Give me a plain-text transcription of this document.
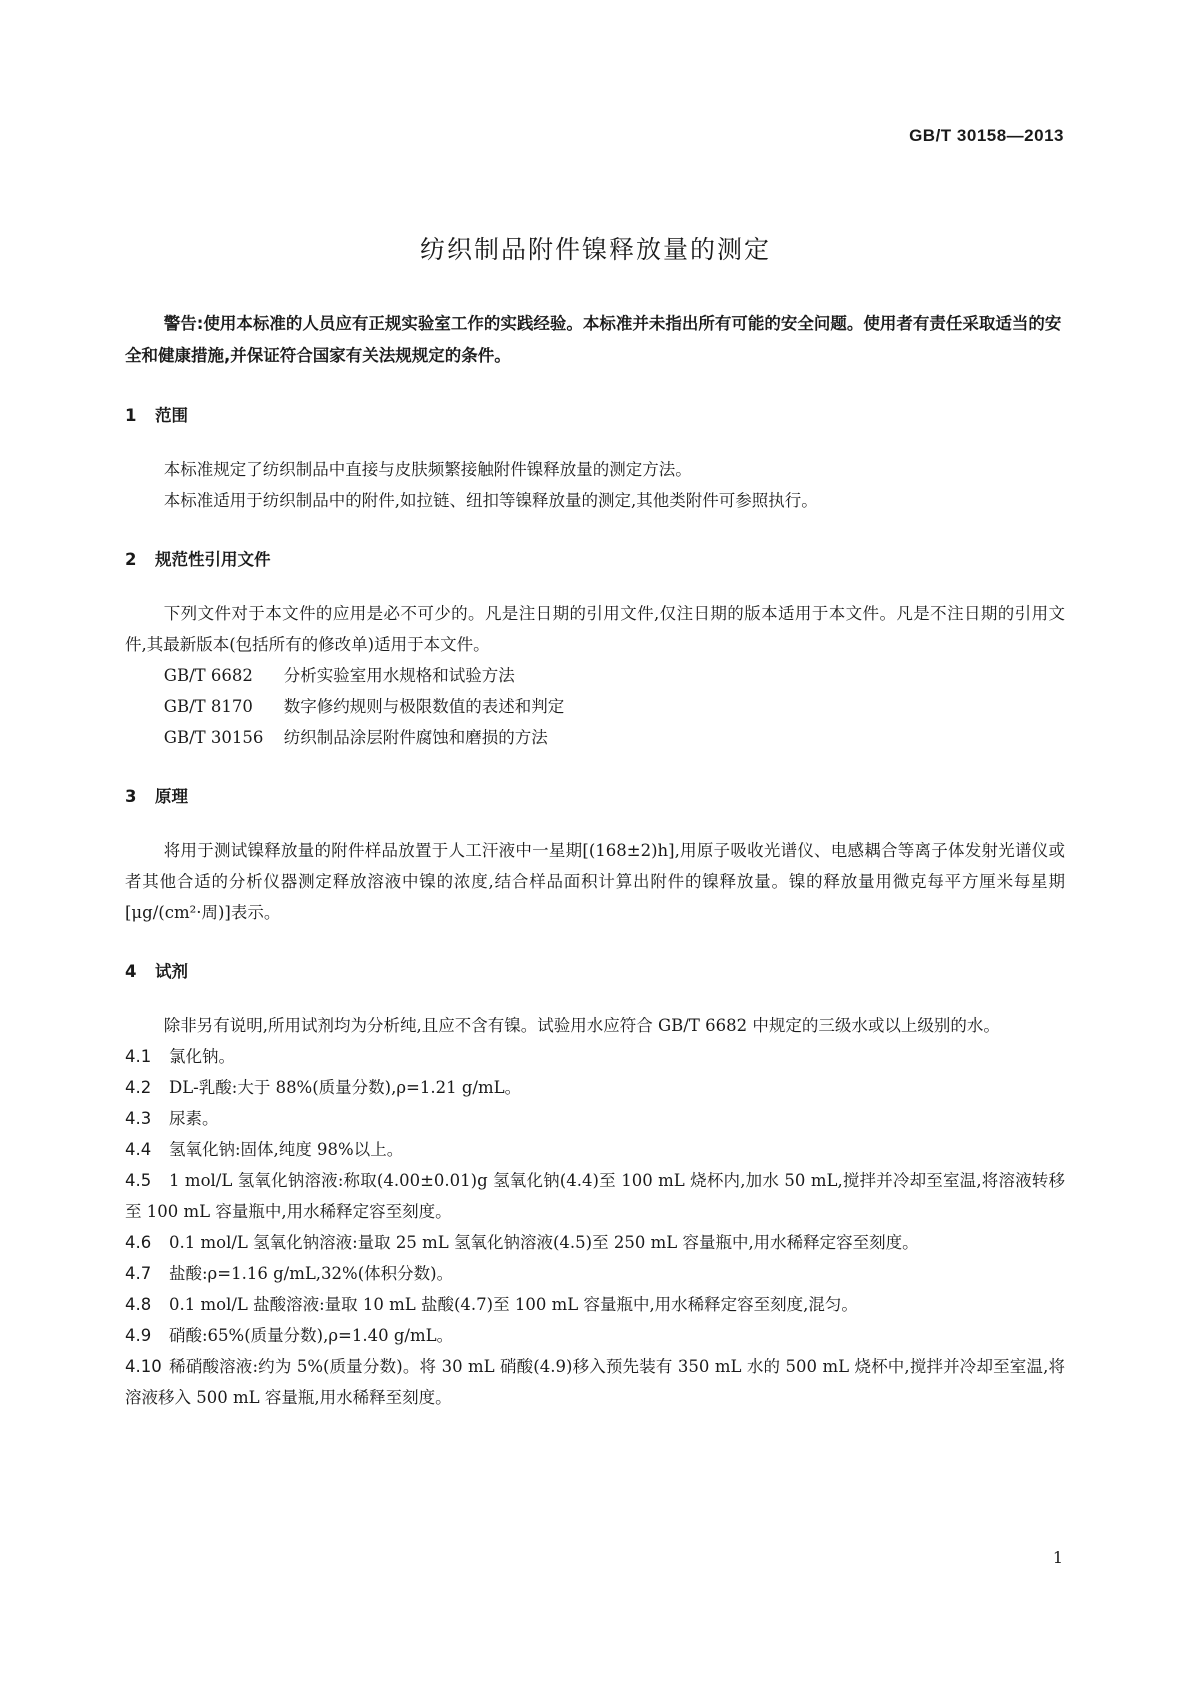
GB/T 30158—2013
纺织制品附件镍释放量的测定

警告:使用本标准的人员应有正规实验室工作的实践经验。本标准并未指出所有可能的安全问题。使用者有责任采取适当的安全和健康措施,并保证符合国家有关法规规定的条件。

1 范围

本标准规定了纺织制品中直接与皮肤频繁接触附件镍释放量的测定方法。

本标准适用于纺织制品中的附件,如拉链、纽扣等镍释放量的测定,其他类附件可参照执行。

2 规范性引用文件

下列文件对于本文件的应用是必不可少的。凡是注日期的引用文件,仅注日期的版本适用于本文件。凡是不注日期的引用文件,其最新版本(包括所有的修改单)适用于本文件。

GB/T 6682 分析实验室用水规格和试验方法

GB/T 8170 数字修约规则与极限数值的表述和判定

GB/T 30156 纺织制品涂层附件腐蚀和磨损的方法

3 原理

将用于测试镍释放量的附件样品放置于人工汗液中一星期[(168±2)h],用原子吸收光谱仪、电感耦合等离子体发射光谱仪或者其他合适的分析仪器测定释放溶液中镍的浓度,结合样品面积计算出附件的镍释放量。镍的释放量用微克每平方厘米每星期[μg/(cm²·周)]表示。

4 试剂

除非另有说明,所用试剂均为分析纯,且应不含有镍。试验用水应符合 GB/T 6682 中规定的三级水或以上级别的水。

4.1 氯化钠。

4.2 DL-乳酸:大于 88%(质量分数),ρ=1.21 g/mL。

4.3 尿素。

4.4 氢氧化钠:固体,纯度 98%以上。

4.5 1 mol/L 氢氧化钠溶液:称取(4.00±0.01)g 氢氧化钠(4.4)至 100 mL 烧杯内,加水 50 mL,搅拌并冷却至室温,将溶液转移至 100 mL 容量瓶中,用水稀释定容至刻度。

4.6 0.1 mol/L 氢氧化钠溶液:量取 25 mL 氢氧化钠溶液(4.5)至 250 mL 容量瓶中,用水稀释定容至刻度。

4.7 盐酸:ρ=1.16 g/mL,32%(体积分数)。

4.8 0.1 mol/L 盐酸溶液:量取 10 mL 盐酸(4.7)至 100 mL 容量瓶中,用水稀释定容至刻度,混匀。

4.9 硝酸:65%(质量分数),ρ=1.40 g/mL。

4.10 稀硝酸溶液:约为 5%(质量分数)。将 30 mL 硝酸(4.9)移入预先装有 350 mL 水的 500 mL 烧杯中,搅拌并冷却至室温,将溶液移入 500 mL 容量瓶,用水稀释至刻度。

1
